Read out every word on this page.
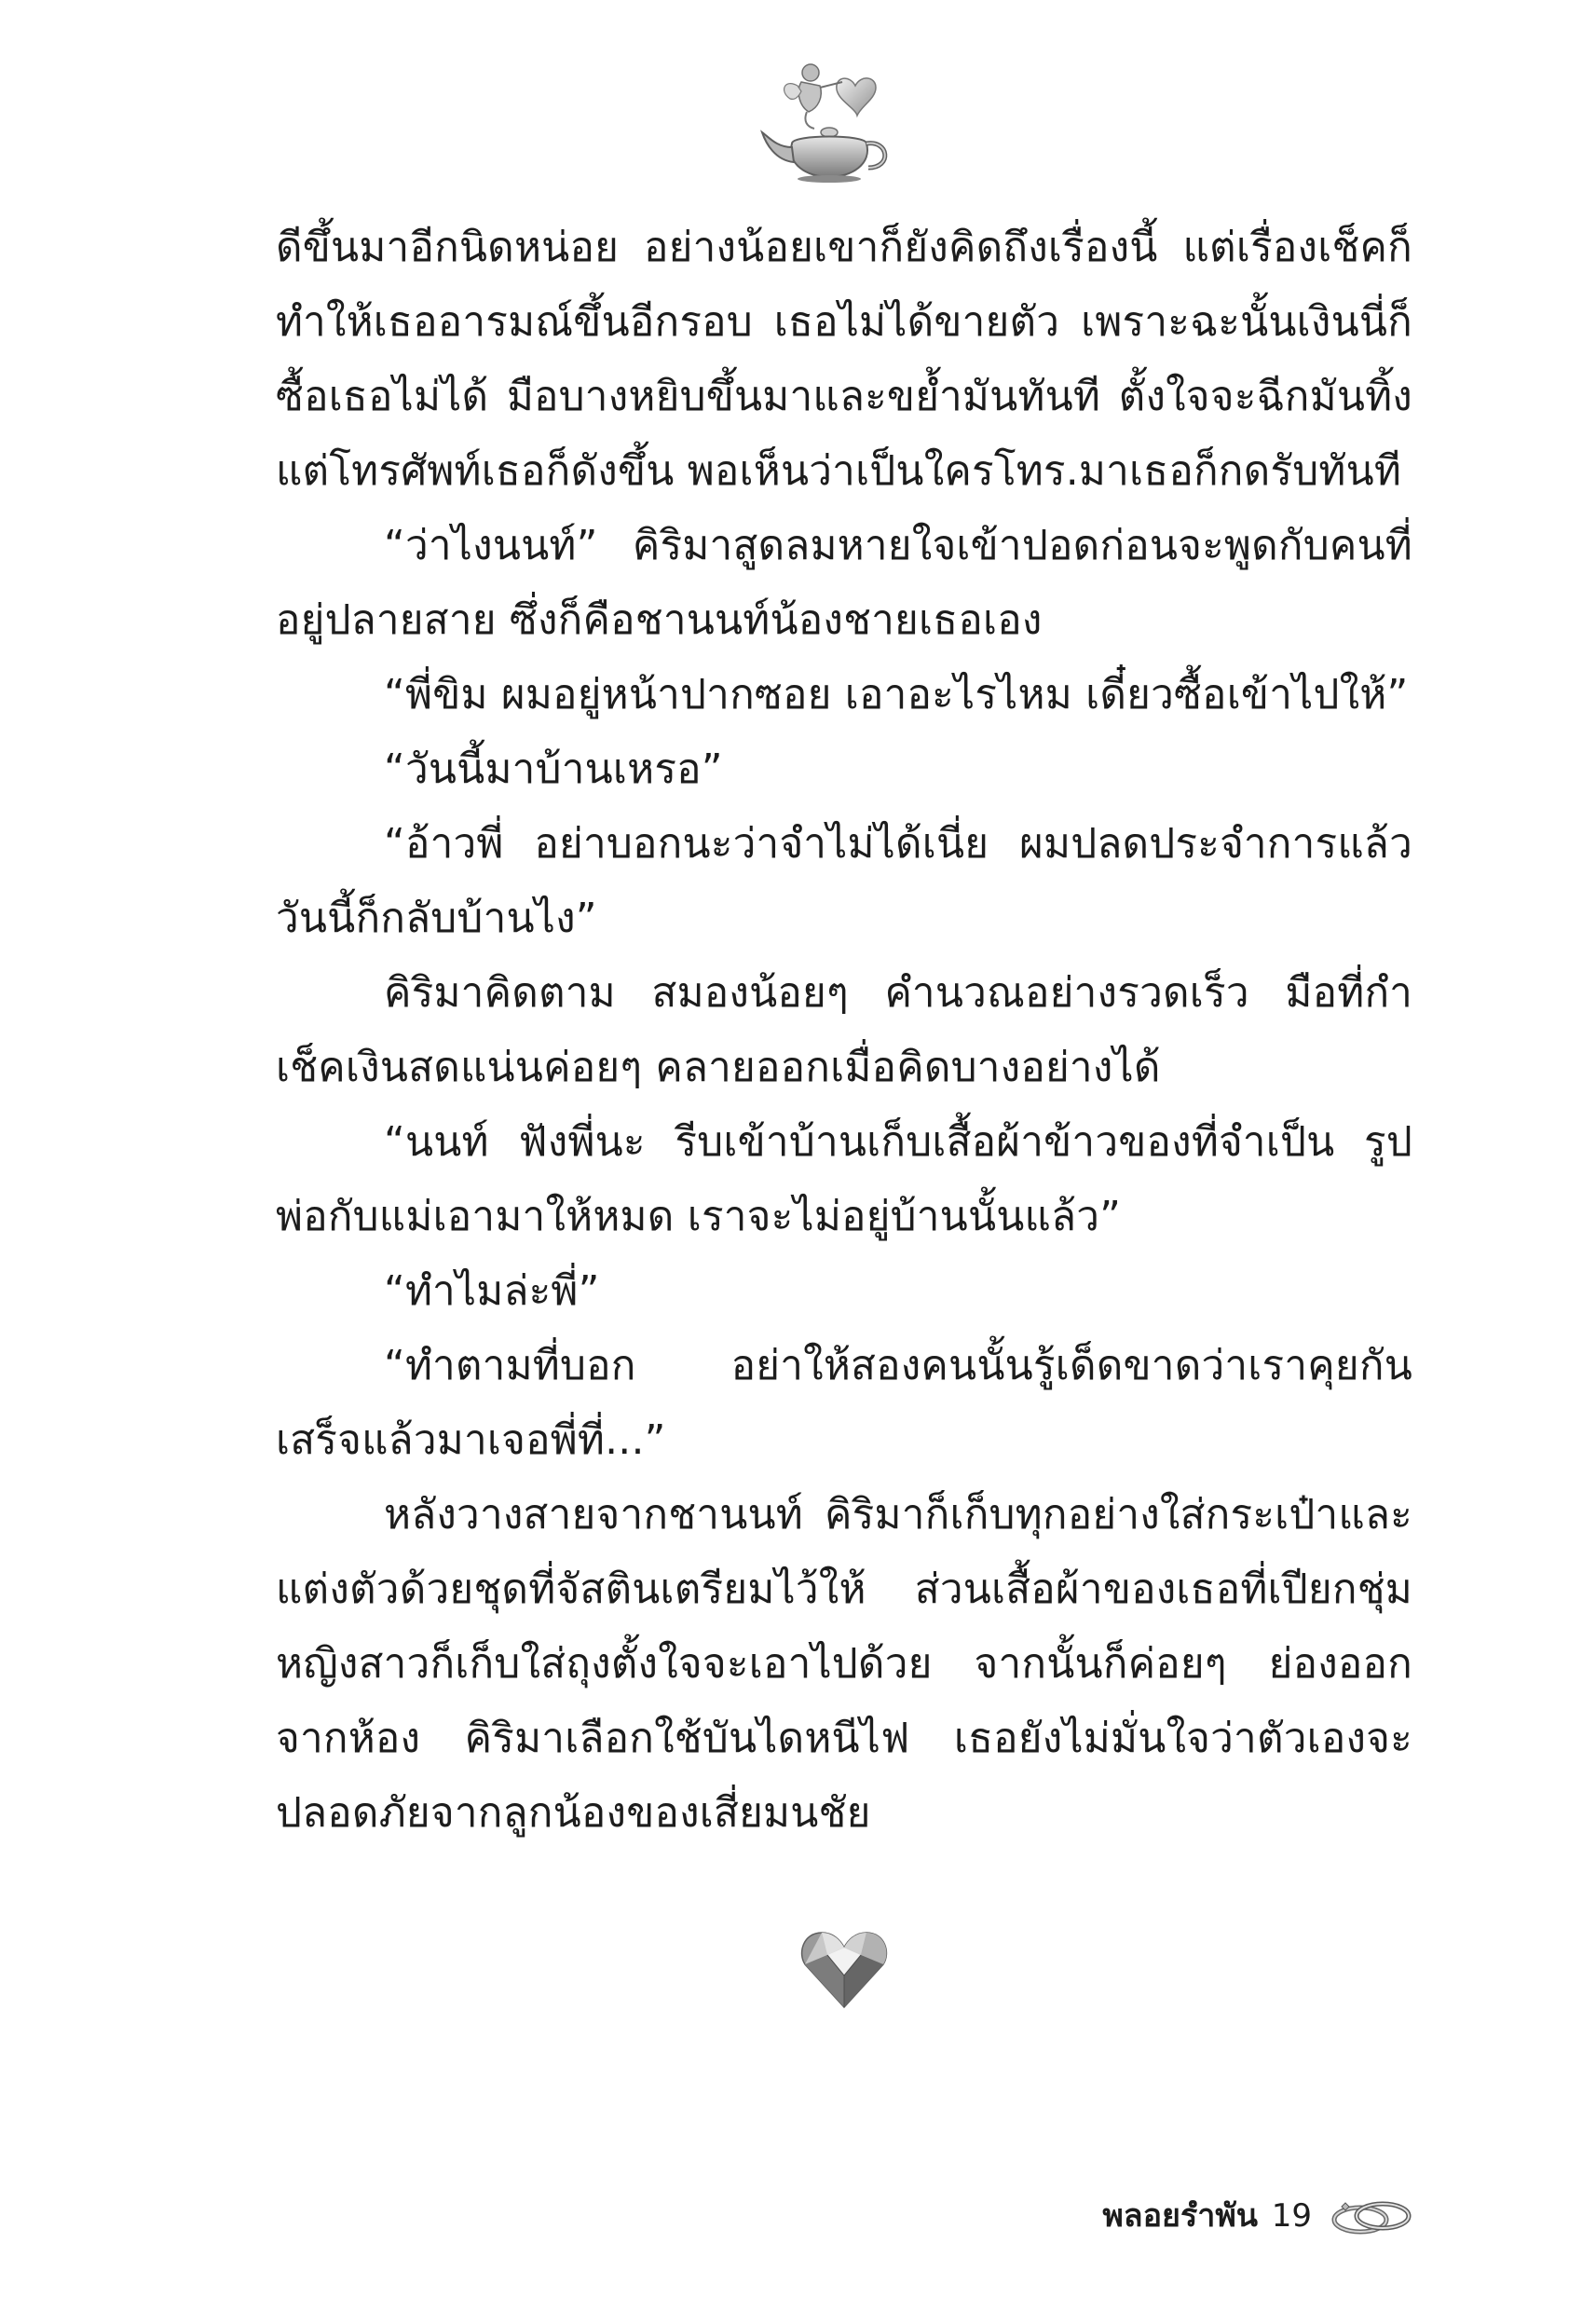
ดีขึ้นมาอีกนิดหน่อย อย่างน้อยเขาก็ยังคิดถึงเรื่องนี้ แต่เรื่องเช็คก็ทำให้เธออารมณ์ขึ้นอีกรอบ เธอไม่ได้ขายตัว เพราะฉะนั้นเงินนี่ก็ซื้อเธอไม่ได้ มือบางหยิบขึ้นมาและขย้ำมันทันที ตั้งใจจะฉีกมันทิ้งแต่โทรศัพท์เธอก็ดังขึ้น พอเห็นว่าเป็นใครโทร.มาเธอก็กดรับทันที

“ว่าไงนนท์” คิริมาสูดลมหายใจเข้าปอดก่อนจะพูดกับคนที่อยู่ปลายสาย ซึ่งก็คือชานนท์น้องชายเธอเอง

“พี่ขิม ผมอยู่หน้าปากซอย เอาอะไรไหม เดี๋ยวซื้อเข้าไปให้”

“วันนี้มาบ้านเหรอ”

“อ้าวพี่ อย่าบอกนะว่าจำไม่ได้เนี่ย ผมปลดประจำการแล้ว วันนี้ก็กลับบ้านไง”

คิริมาคิดตาม สมองน้อยๆ คำนวณอย่างรวดเร็ว มือที่กำเช็คเงินสดแน่นค่อยๆ คลายออกเมื่อคิดบางอย่างได้

“นนท์ ฟังพี่นะ รีบเข้าบ้านเก็บเสื้อผ้าข้าวของที่จำเป็น รูปพ่อกับแม่เอามาให้หมด เราจะไม่อยู่บ้านนั้นแล้ว”

“ทำไมล่ะพี่”

“ทำตามที่บอก อย่าให้สองคนนั้นรู้เด็ดขาดว่าเราคุยกัน เสร็จแล้วมาเจอพี่ที่...”

หลังวางสายจากชานนท์ คิริมาก็เก็บทุกอย่างใส่กระเป๋าและแต่งตัวด้วยชุดที่จัสตินเตรียมไว้ให้ ส่วนเสื้อผ้าของเธอที่เปียกชุ่ม หญิงสาวก็เก็บใส่ถุงตั้งใจจะเอาไปด้วย จากนั้นก็ค่อยๆ ย่องออกจากห้อง คิริมาเลือกใช้บันไดหนีไฟ เธอยังไม่มั่นใจว่าตัวเองจะปลอดภัยจากลูกน้องของเสี่ยมนชัย

พลอยรำพัน 19
